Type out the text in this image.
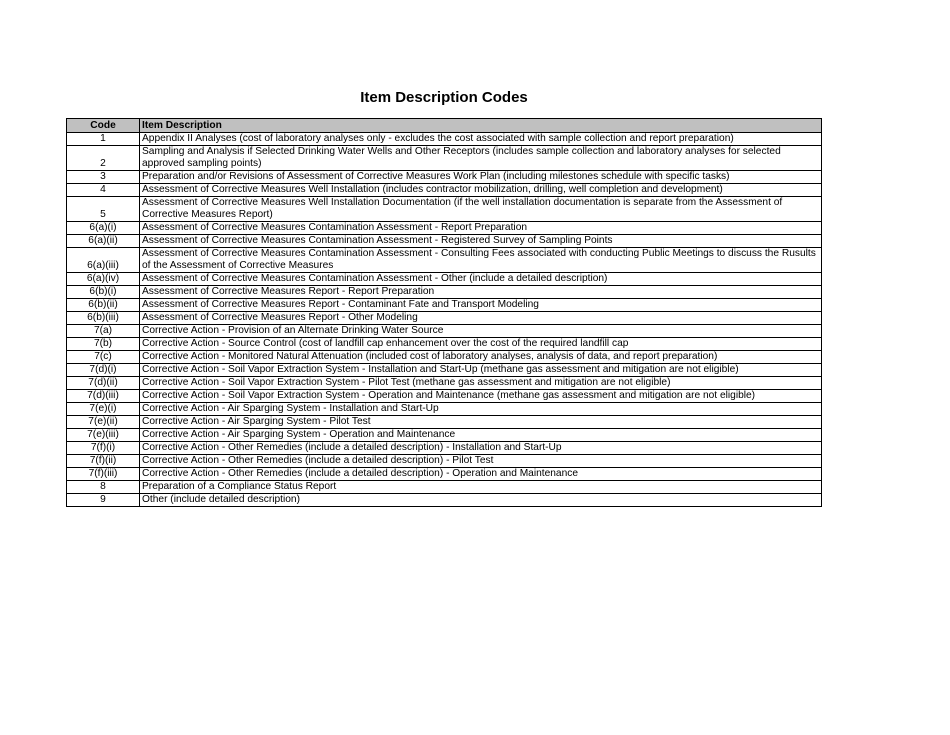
Item Description Codes
Code	Item Description
1	Appendix II Analyses (cost of laboratory analyses only - excludes the cost associated with sample collection and report preparation)
2	Sampling and Analysis if Selected Drinking Water Wells and Other Receptors (includes sample collection and laboratory analyses for selected approved sampling points)
3	Preparation and/or Revisions of Assessment of Corrective Measures Work Plan (including milestones schedule with specific tasks)
4	Assessment of Corrective Measures Well Installation (includes contractor mobilization, drilling, well completion and development)
5	Assessment of Corrective Measures Well Installation Documentation (if the well installation documentation is separate from the Assessment of Corrective Measures Report)
6(a)(i)	Assessment of Corrective Measures Contamination Assessment - Report Preparation
6(a)(ii)	Assessment of Corrective Measures Contamination Assessment - Registered Survey of Sampling Points
6(a)(iii)	Assessment of Corrective Measures Contamination Assessment - Consulting Fees associated with conducting Public Meetings to discuss the Rusults of the Assessment of Corrective Measures
6(a)(iv)	Assessment of Corrective Measures Contamination Assessment - Other (include a detailed description)
6(b)(i)	Assessment of Corrective Measures Report - Report Preparation
6(b)(ii)	Assessment of Corrective Measures Report - Contaminant Fate and Transport Modeling
6(b)(iii)	Assessment of Corrective Measures Report - Other Modeling
7(a)	Corrective Action - Provision of an Alternate Drinking Water Source
7(b)	Corrective Action - Source Control (cost of landfill cap enhancement over the cost of the required landfill cap
7(c)	Corrective Action - Monitored Natural Attenuation (included cost of laboratory analyses, analysis of data, and report preparation)
7(d)(i)	Corrective Action - Soil Vapor Extraction System - Installation and Start-Up (methane gas assessment and mitigation are not eligible)
7(d)(ii)	Corrective Action - Soil Vapor Extraction System - Pilot Test (methane gas assessment and mitigation are not eligible)
7(d)(iii)	Corrective Action - Soil Vapor Extraction System - Operation and Maintenance (methane gas assessment and mitigation are not eligible)
7(e)(i)	Corrective Action - Air Sparging System - Installation and Start-Up
7(e)(ii)	Corrective Action - Air Sparging System - Pilot Test
7(e)(iii)	Corrective Action - Air Sparging System - Operation and Maintenance
7(f)(i)	Corrective Action - Other Remedies (include a detailed description) - Installation and Start-Up
7(f)(ii)	Corrective Action - Other Remedies (include a detailed description) - Pilot Test
7(f)(iii)	Corrective Action - Other Remedies (include a detailed description) - Operation and Maintenance
8	Preparation of a Compliance Status Report
9	Other (include detailed description)
